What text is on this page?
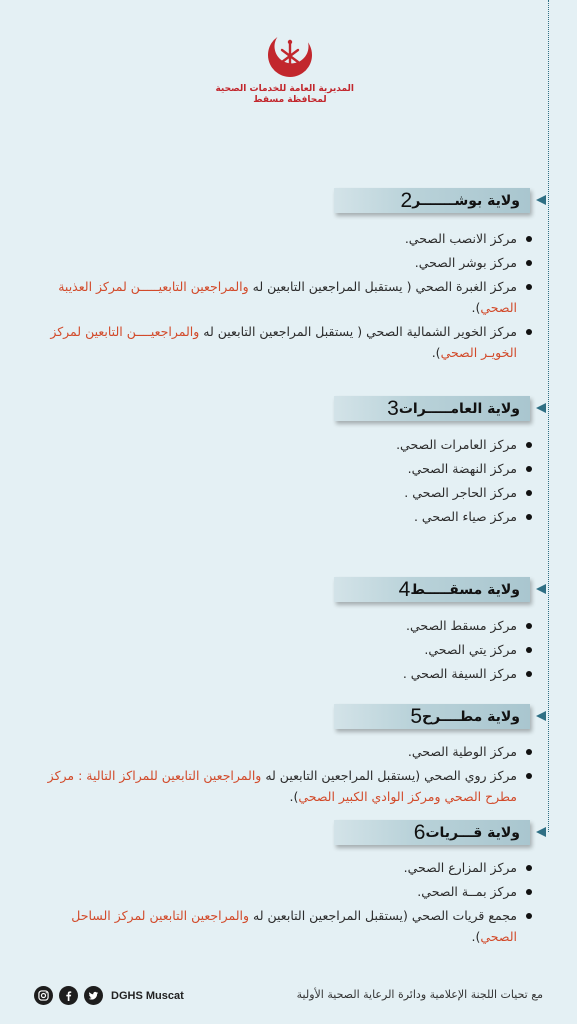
المديرية العامة للخدمات الصحية
لمحافظة مسقط
ولاية بوشـــــــر
2
مركز الانصب الصحي.
مركز بوشر الصحي.
مركز الغبرة الصحي ( يستقبل المراجعين التابعين له والمراجعين التابعيـــــن لمركز العذيبة الصحي).
مركز الخوير الشمالية الصحي ( يستقبل المراجعين التابعين له والمراجعيــــن التابعين لمركز الخويـر الصحي).
ولاية العامـــــرات
3
مركز العامرات الصحي.
مركز النهضة الصحي.
مركز الحاجر الصحي .
مركز صياء الصحي .
ولاية مسقـــــط
4
مركز مسقط الصحي.
مركز يتي الصحي.
مركز السيفة الصحي .
ولاية مطــــرح
5
مركز الوطية الصحي.
مركز روي الصحي (يستقبل المراجعين التابعين له والمراجعين التابعين للمراكز التالية : مركز مطرح الصحي ومركز الوادي الكبير الصحي).
ولاية قـــريات
6
مركز المزارع الصحي.
مركز بمــة الصحي.
مجمع قريات الصحي (يستقبل المراجعين التابعين له والمراجعين التابعين لمركز الساحل الصحي).
مع تحيات اللجنة الإعلامية ودائرة الرعاية الصحية الأولية
DGHS Muscat
